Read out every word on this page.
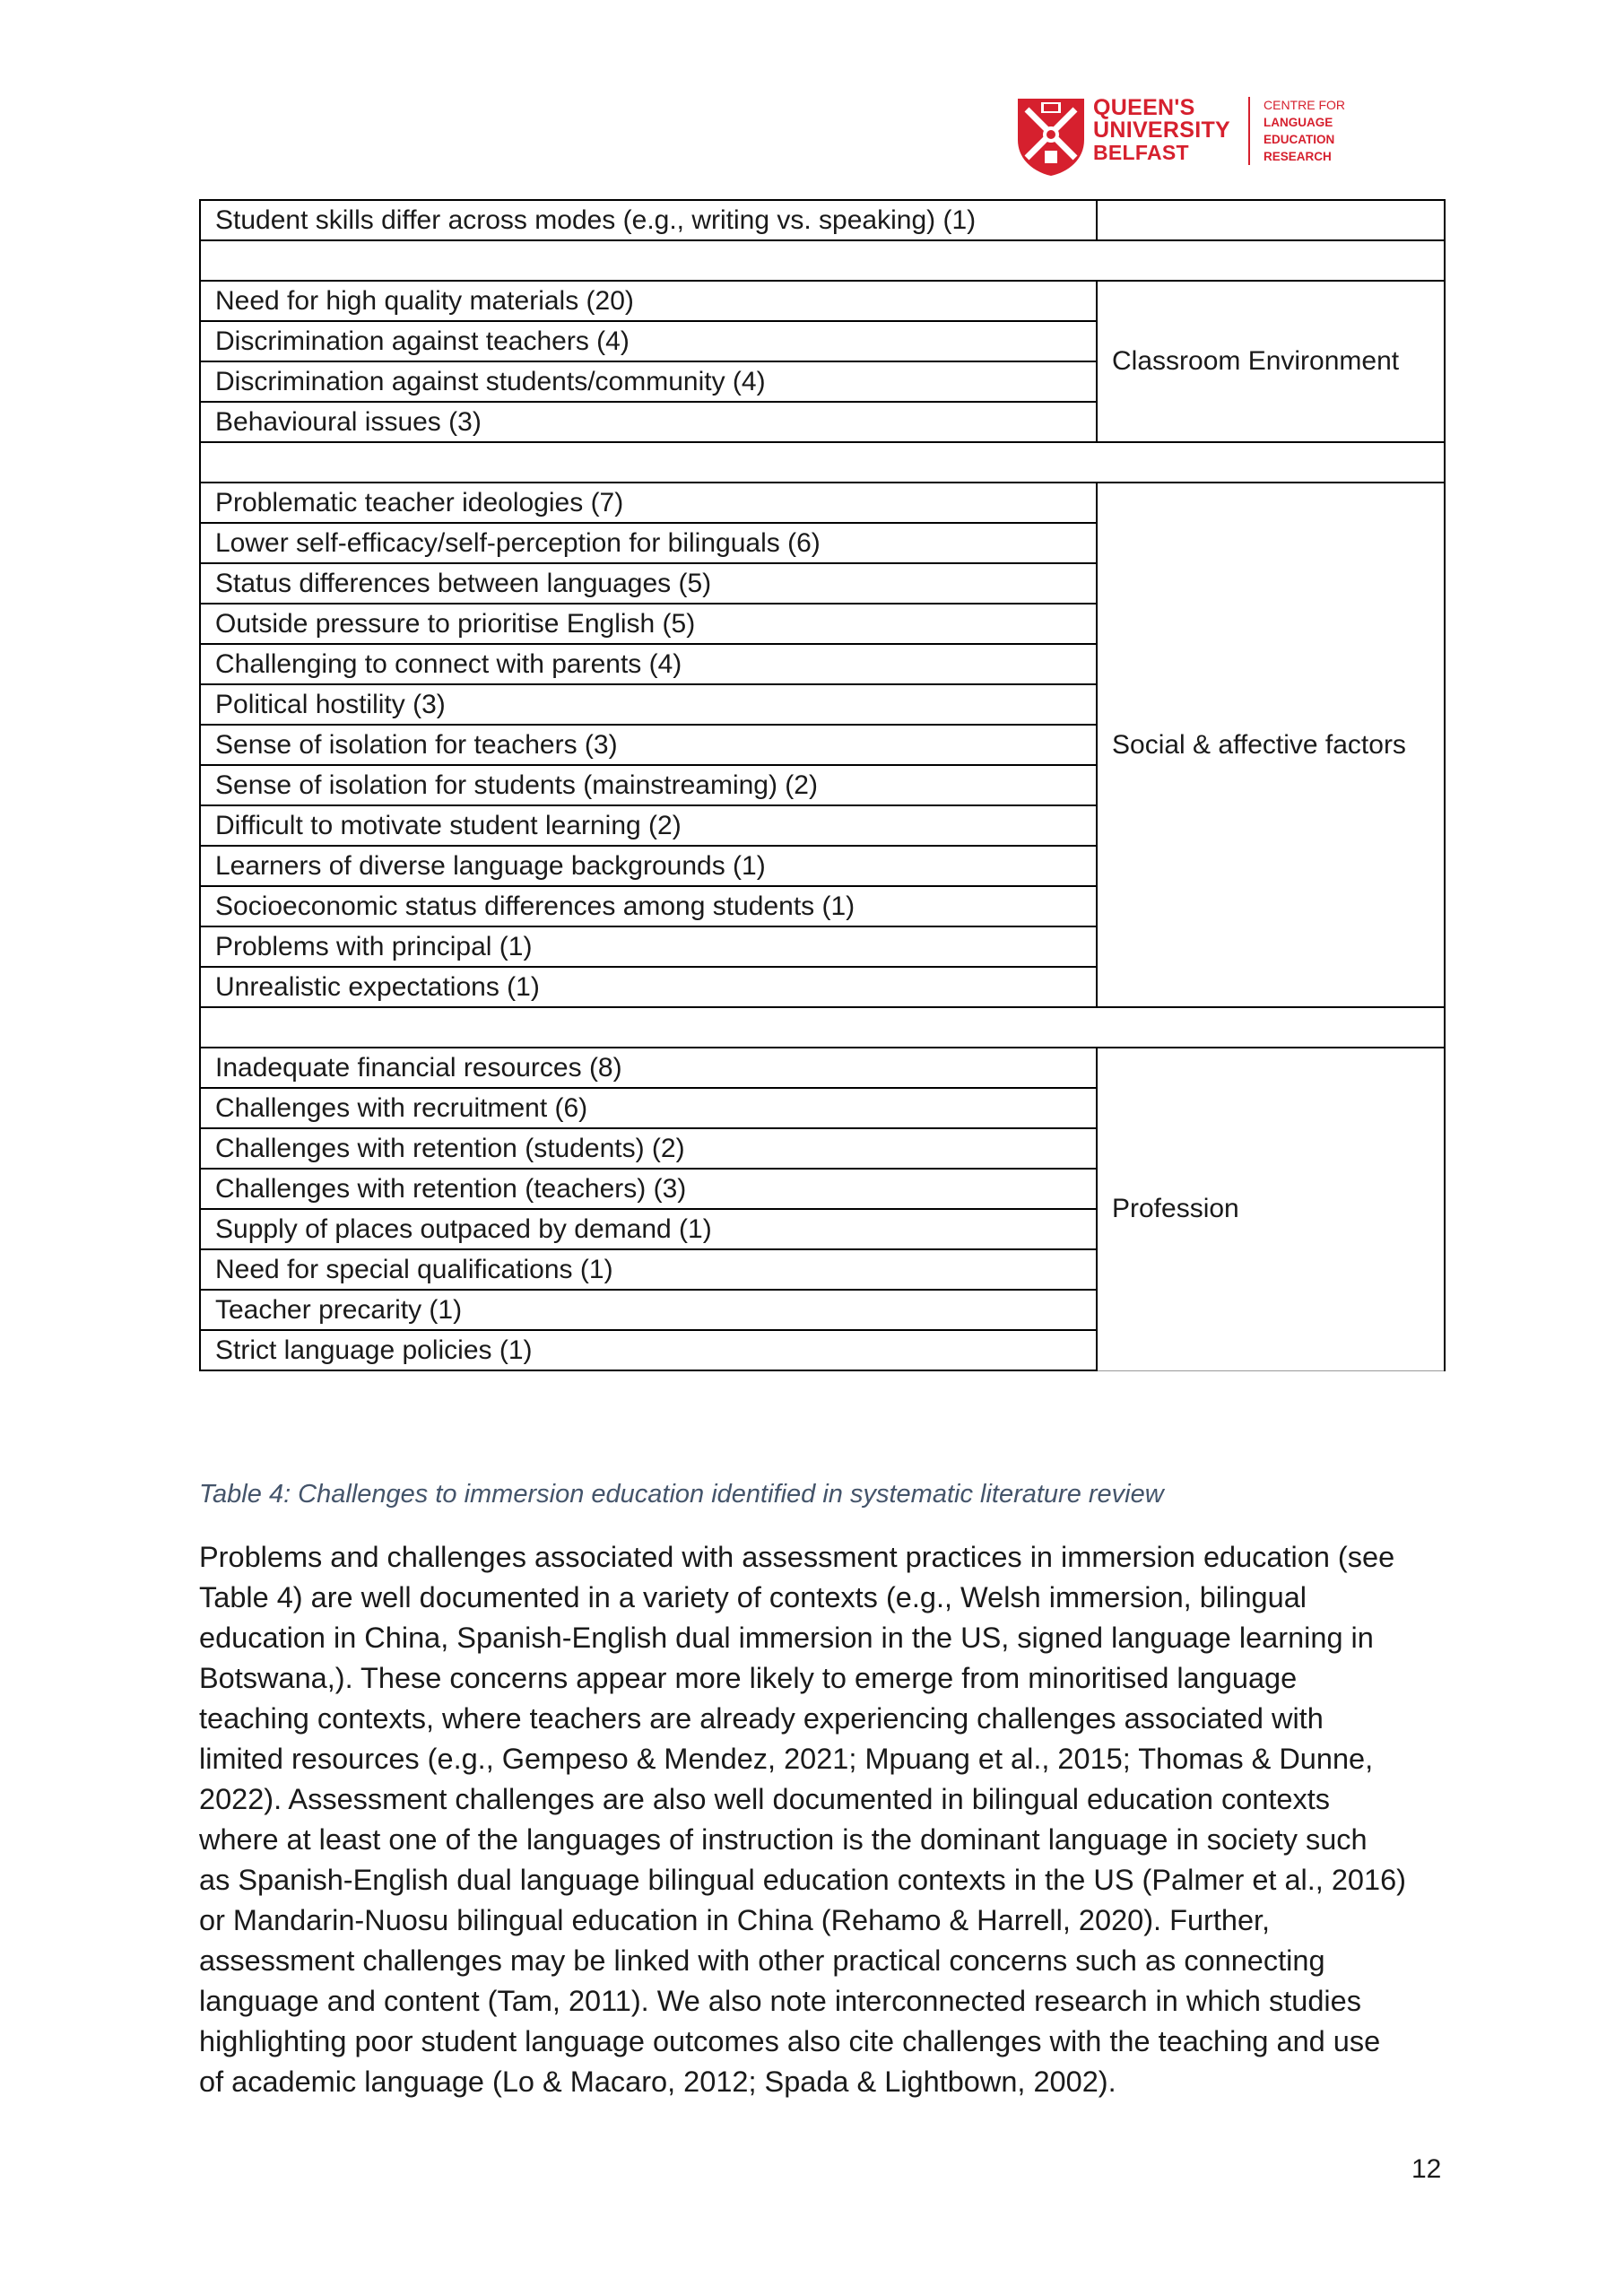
QUEEN'S
UNIVERSITY
BELFAST
CENTRE FOR
LANGUAGE
EDUCATION
RESEARCH
Student skills differ across modes (e.g., writing vs. speaking) (1)	

Need for high quality materials (20)	Classroom Environment
Discrimination against teachers (4)	
Discrimination against students/community (4)	
Behavioural issues (3)	

Problematic teacher ideologies (7)	Social & affective factors
Lower self-efficacy/self-perception for bilinguals (6)	
Status differences between languages (5)	
Outside pressure to prioritise English (5)	
Challenging to connect with parents (4)	
Political hostility (3)	
Sense of isolation for teachers (3)	
Sense of isolation for students (mainstreaming) (2)	
Difficult to motivate student learning (2)	
Learners of diverse language backgrounds (1)	
Socioeconomic status differences among students (1)	
Problems with principal (1)	
Unrealistic expectations (1)	

Inadequate financial resources (8)	Profession
Challenges with recruitment (6)	
Challenges with retention (students) (2)	
Challenges with retention (teachers) (3)	
Supply of places outpaced by demand (1)	
Need for special qualifications (1)	
Teacher precarity (1)	
Strict language policies (1)	
Table 4: Challenges to immersion education identified in systematic literature review
Problems and challenges associated with assessment practices in immersion education (see
Table 4) are well documented in a variety of contexts (e.g., Welsh immersion, bilingual
education in China, Spanish-English dual immersion in the US, signed language learning in
Botswana,). These concerns appear more likely to emerge from minoritised language
teaching contexts, where teachers are already experiencing challenges associated with
limited resources (e.g., Gempeso & Mendez, 2021; Mpuang et al., 2015; Thomas & Dunne,
2022). Assessment challenges are also well documented in bilingual education contexts
where at least one of the languages of instruction is the dominant language in society such
as Spanish-English dual language bilingual education contexts in the US (Palmer et al., 2016)
or Mandarin-Nuosu bilingual education in China (Rehamo & Harrell, 2020). Further,
assessment challenges may be linked with other practical concerns such as connecting
language and content (Tam, 2011). We also note interconnected research in which studies
highlighting poor student language outcomes also cite challenges with the teaching and use
of academic language (Lo & Macaro, 2012; Spada & Lightbown, 2002).
12
